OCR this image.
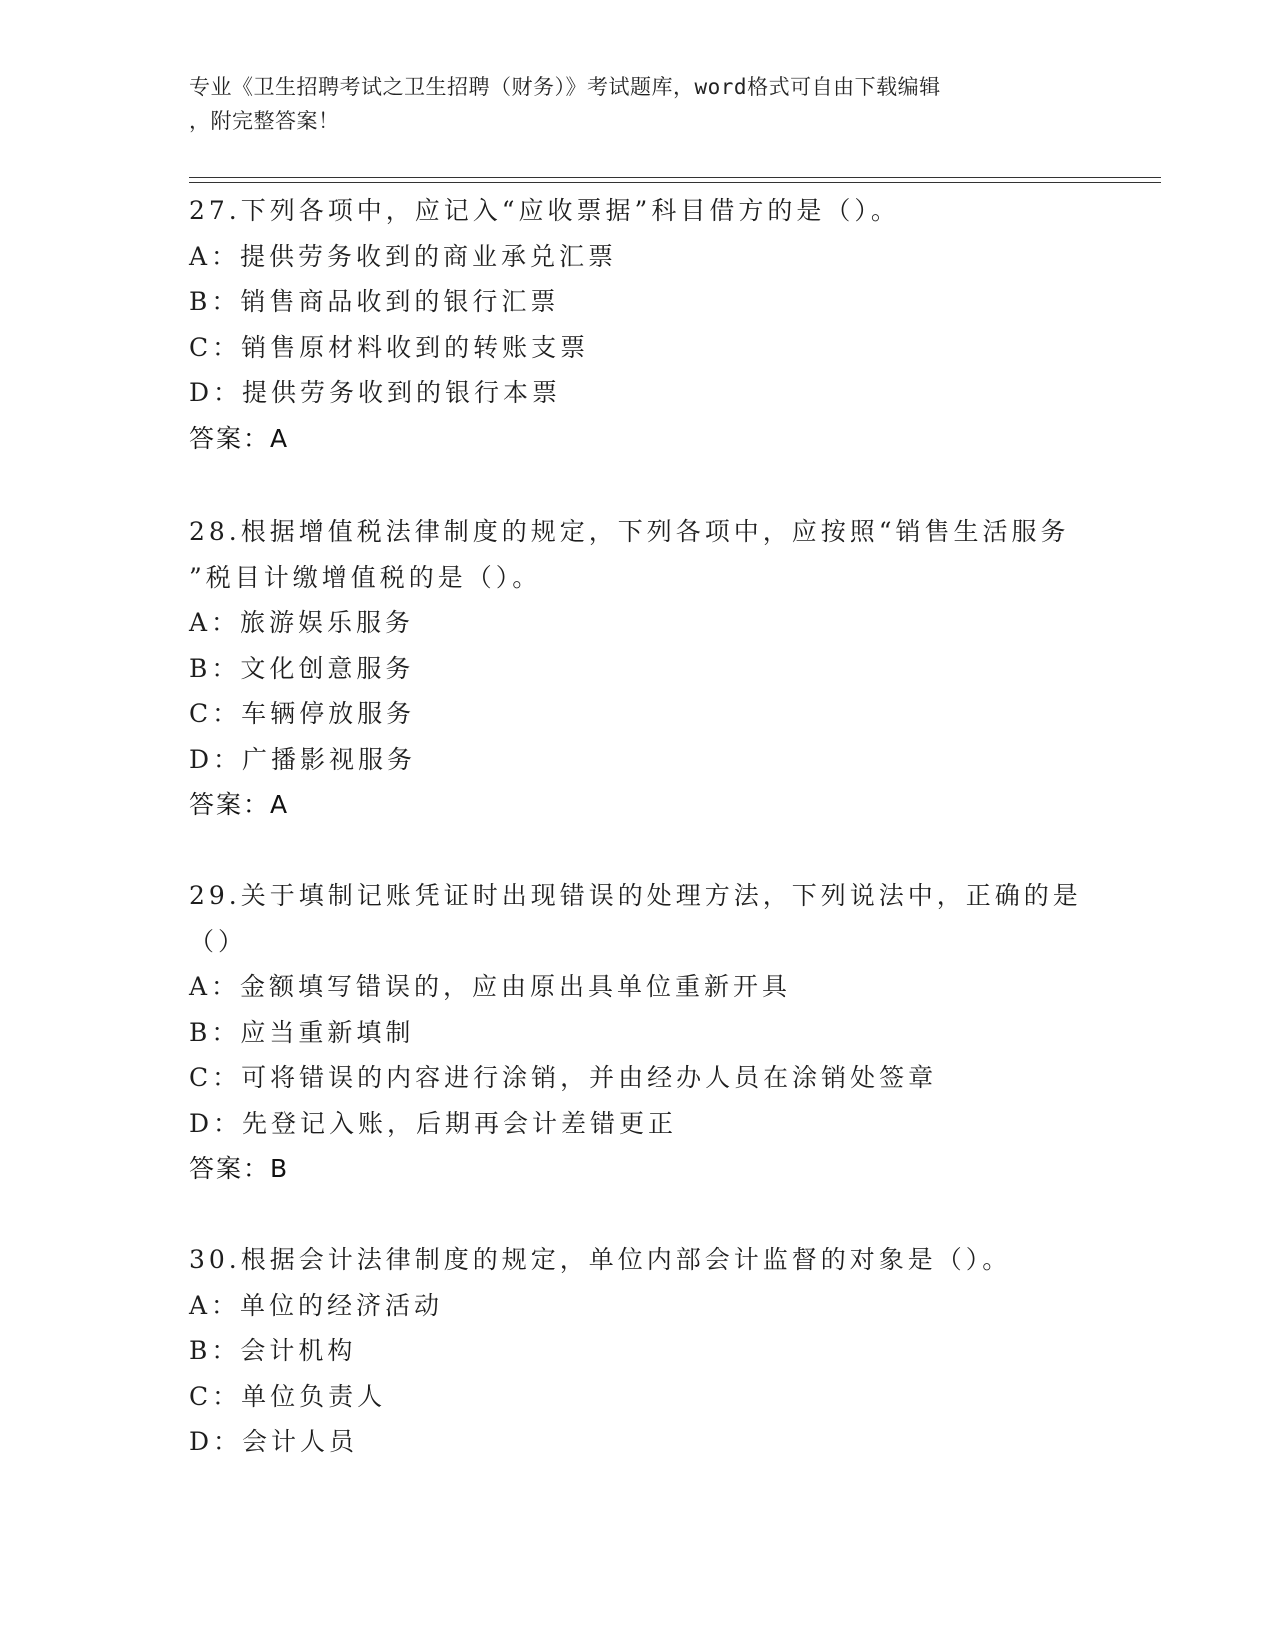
专业《卫生招聘考试之卫生招聘（财务）》考试题库，word格式可自由下载编辑
，附完整答案！
27.下列各项中，应记入“应收票据”科目借方的是（）。
A：提供劳务收到的商业承兑汇票
B：销售商品收到的银行汇票
C：销售原材料收到的转账支票
D：提供劳务收到的银行本票
答案：A
28.根据增值税法律制度的规定，下列各项中，应按照“销售生活服务
”税目计缴增值税的是（）。
A：旅游娱乐服务
B：文化创意服务
C：车辆停放服务
D：广播影视服务
答案：A
29.关于填制记账凭证时出现错误的处理方法，下列说法中，正确的是
（）
A：金额填写错误的，应由原出具单位重新开具
B：应当重新填制
C：可将错误的内容进行涂销，并由经办人员在涂销处签章
D：先登记入账，后期再会计差错更正
答案：B
30.根据会计法律制度的规定，单位内部会计监督的对象是（）。
A：单位的经济活动
B：会计机构
C：单位负责人
D：会计人员
